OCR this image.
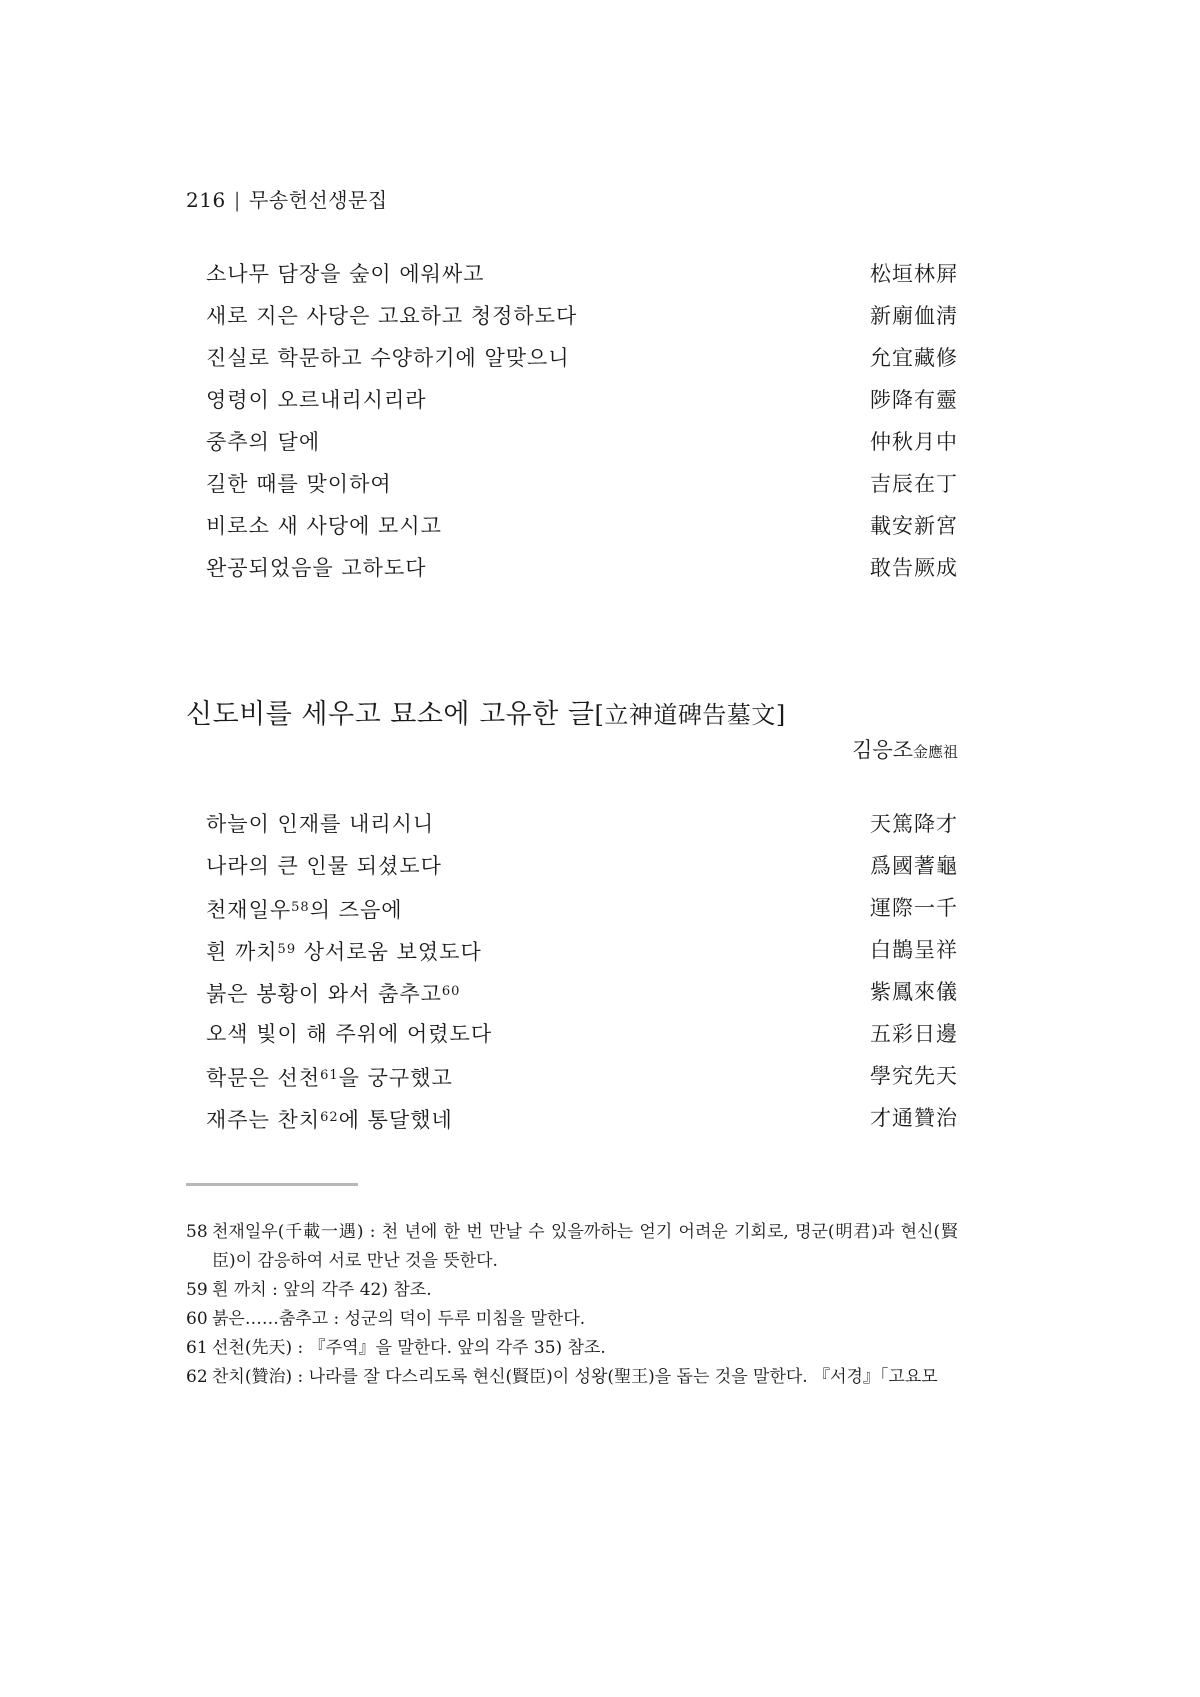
216 | 무송헌선생문집
소나무 담장을 숲이 에워싸고	松垣林屛
새로 지은 사당은 고요하고 청정하도다	新廟侐淸
진실로 학문하고 수양하기에 알맞으니	允宜藏修
영령이 오르내리시리라	陟降有靈
중추의 달에	仲秋月中
길한 때를 맞이하여	吉辰在丁
비로소 새 사당에 모시고	載安新宮
완공되었음을 고하도다	敢告厥成
신도비를 세우고 묘소에 고유한 글[立神道碑告墓文]
김응조金應祖
하늘이 인재를 내리시니	天篤降才
나라의 큰 인물 되셨도다	爲國蓍龜
천재일우$^{58}$의 즈음에	運際一千
흰 까치$^{59}$ 상서로움 보였도다	白鵲呈祥
붉은 봉황이 와서 춤추고$^{60}$	紫鳳來儀
오색 빛이 해 주위에 어렸도다	五彩日邊
학문은 선천$^{61}$을 궁구했고	學究先天
재주는 찬치$^{62}$에 통달했네	才通贊治
58 천재일우(千載一遇) : 천 년에 한 번 만날 수 있을까하는 얻기 어려운 기회로, 명군(明君)과 현신(賢臣)이 감응하여 서로 만난 것을 뜻한다.
59 흰 까치 : 앞의 각주 42) 참조.
60 붉은……춤추고 : 성군의 덕이 두루 미침을 말한다.
61 선천(先天) : 『주역』을 말한다. 앞의 각주 35) 참조.
62 찬치(贊治) : 나라를 잘 다스리도록 현신(賢臣)이 성왕(聖王)을 돕는 것을 말한다. 『서경』「고요모
